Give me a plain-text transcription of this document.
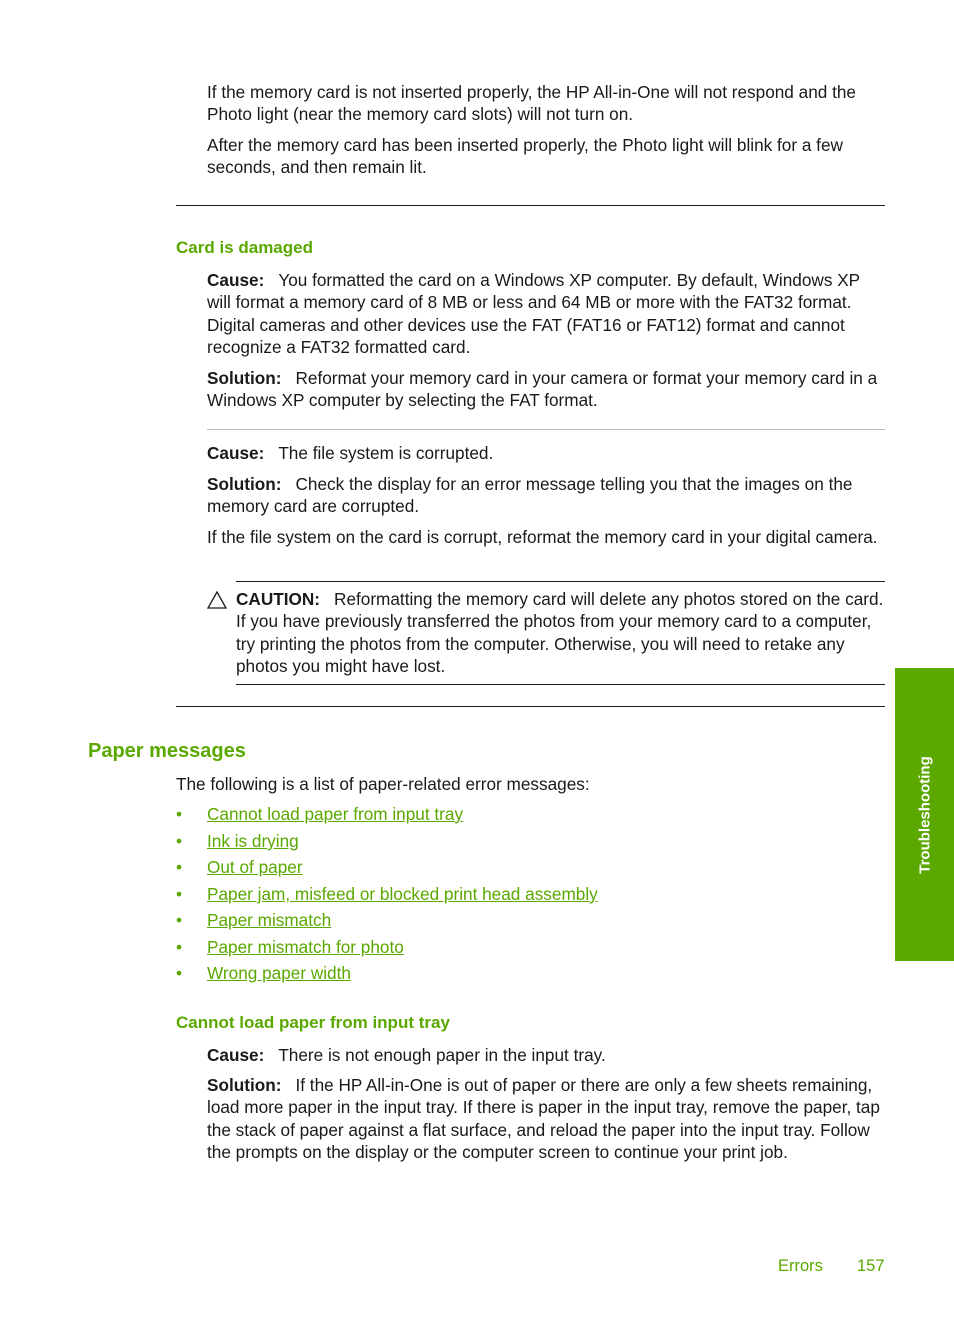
If the memory card is not inserted properly, the HP All-in-One will not respond and the Photo light (near the memory card slots) will not turn on.

After the memory card has been inserted properly, the Photo light will blink for a few seconds, and then remain lit.

Card is damaged

Cause: You formatted the card on a Windows XP computer. By default, Windows XP will format a memory card of 8 MB or less and 64 MB or more with the FAT32 format. Digital cameras and other devices use the FAT (FAT16 or FAT12) format and cannot recognize a FAT32 formatted card.

Solution: Reformat your memory card in your camera or format your memory card in a Windows XP computer by selecting the FAT format.

Cause: The file system is corrupted.

Solution: Check the display for an error message telling you that the images on the memory card are corrupted.

If the file system on the card is corrupt, reformat the memory card in your digital camera.

CAUTION: Reformatting the memory card will delete any photos stored on the card. If you have previously transferred the photos from your memory card to a computer, try printing the photos from the computer. Otherwise, you will need to retake any photos you might have lost.

Paper messages

The following is a list of paper-related error messages:

• Cannot load paper from input tray
• Ink is drying
• Out of paper
• Paper jam, misfeed or blocked print head assembly
• Paper mismatch
• Paper mismatch for photo
• Wrong paper width
Cannot load paper from input tray

Cause: There is not enough paper in the input tray.

Solution: If the HP All-in-One is out of paper or there are only a few sheets remaining, load more paper in the input tray. If there is paper in the input tray, remove the paper, tap the stack of paper against a flat surface, and reload the paper into the input tray. Follow the prompts on the display or the computer screen to continue your print job.

Troubleshooting
Errors 157
